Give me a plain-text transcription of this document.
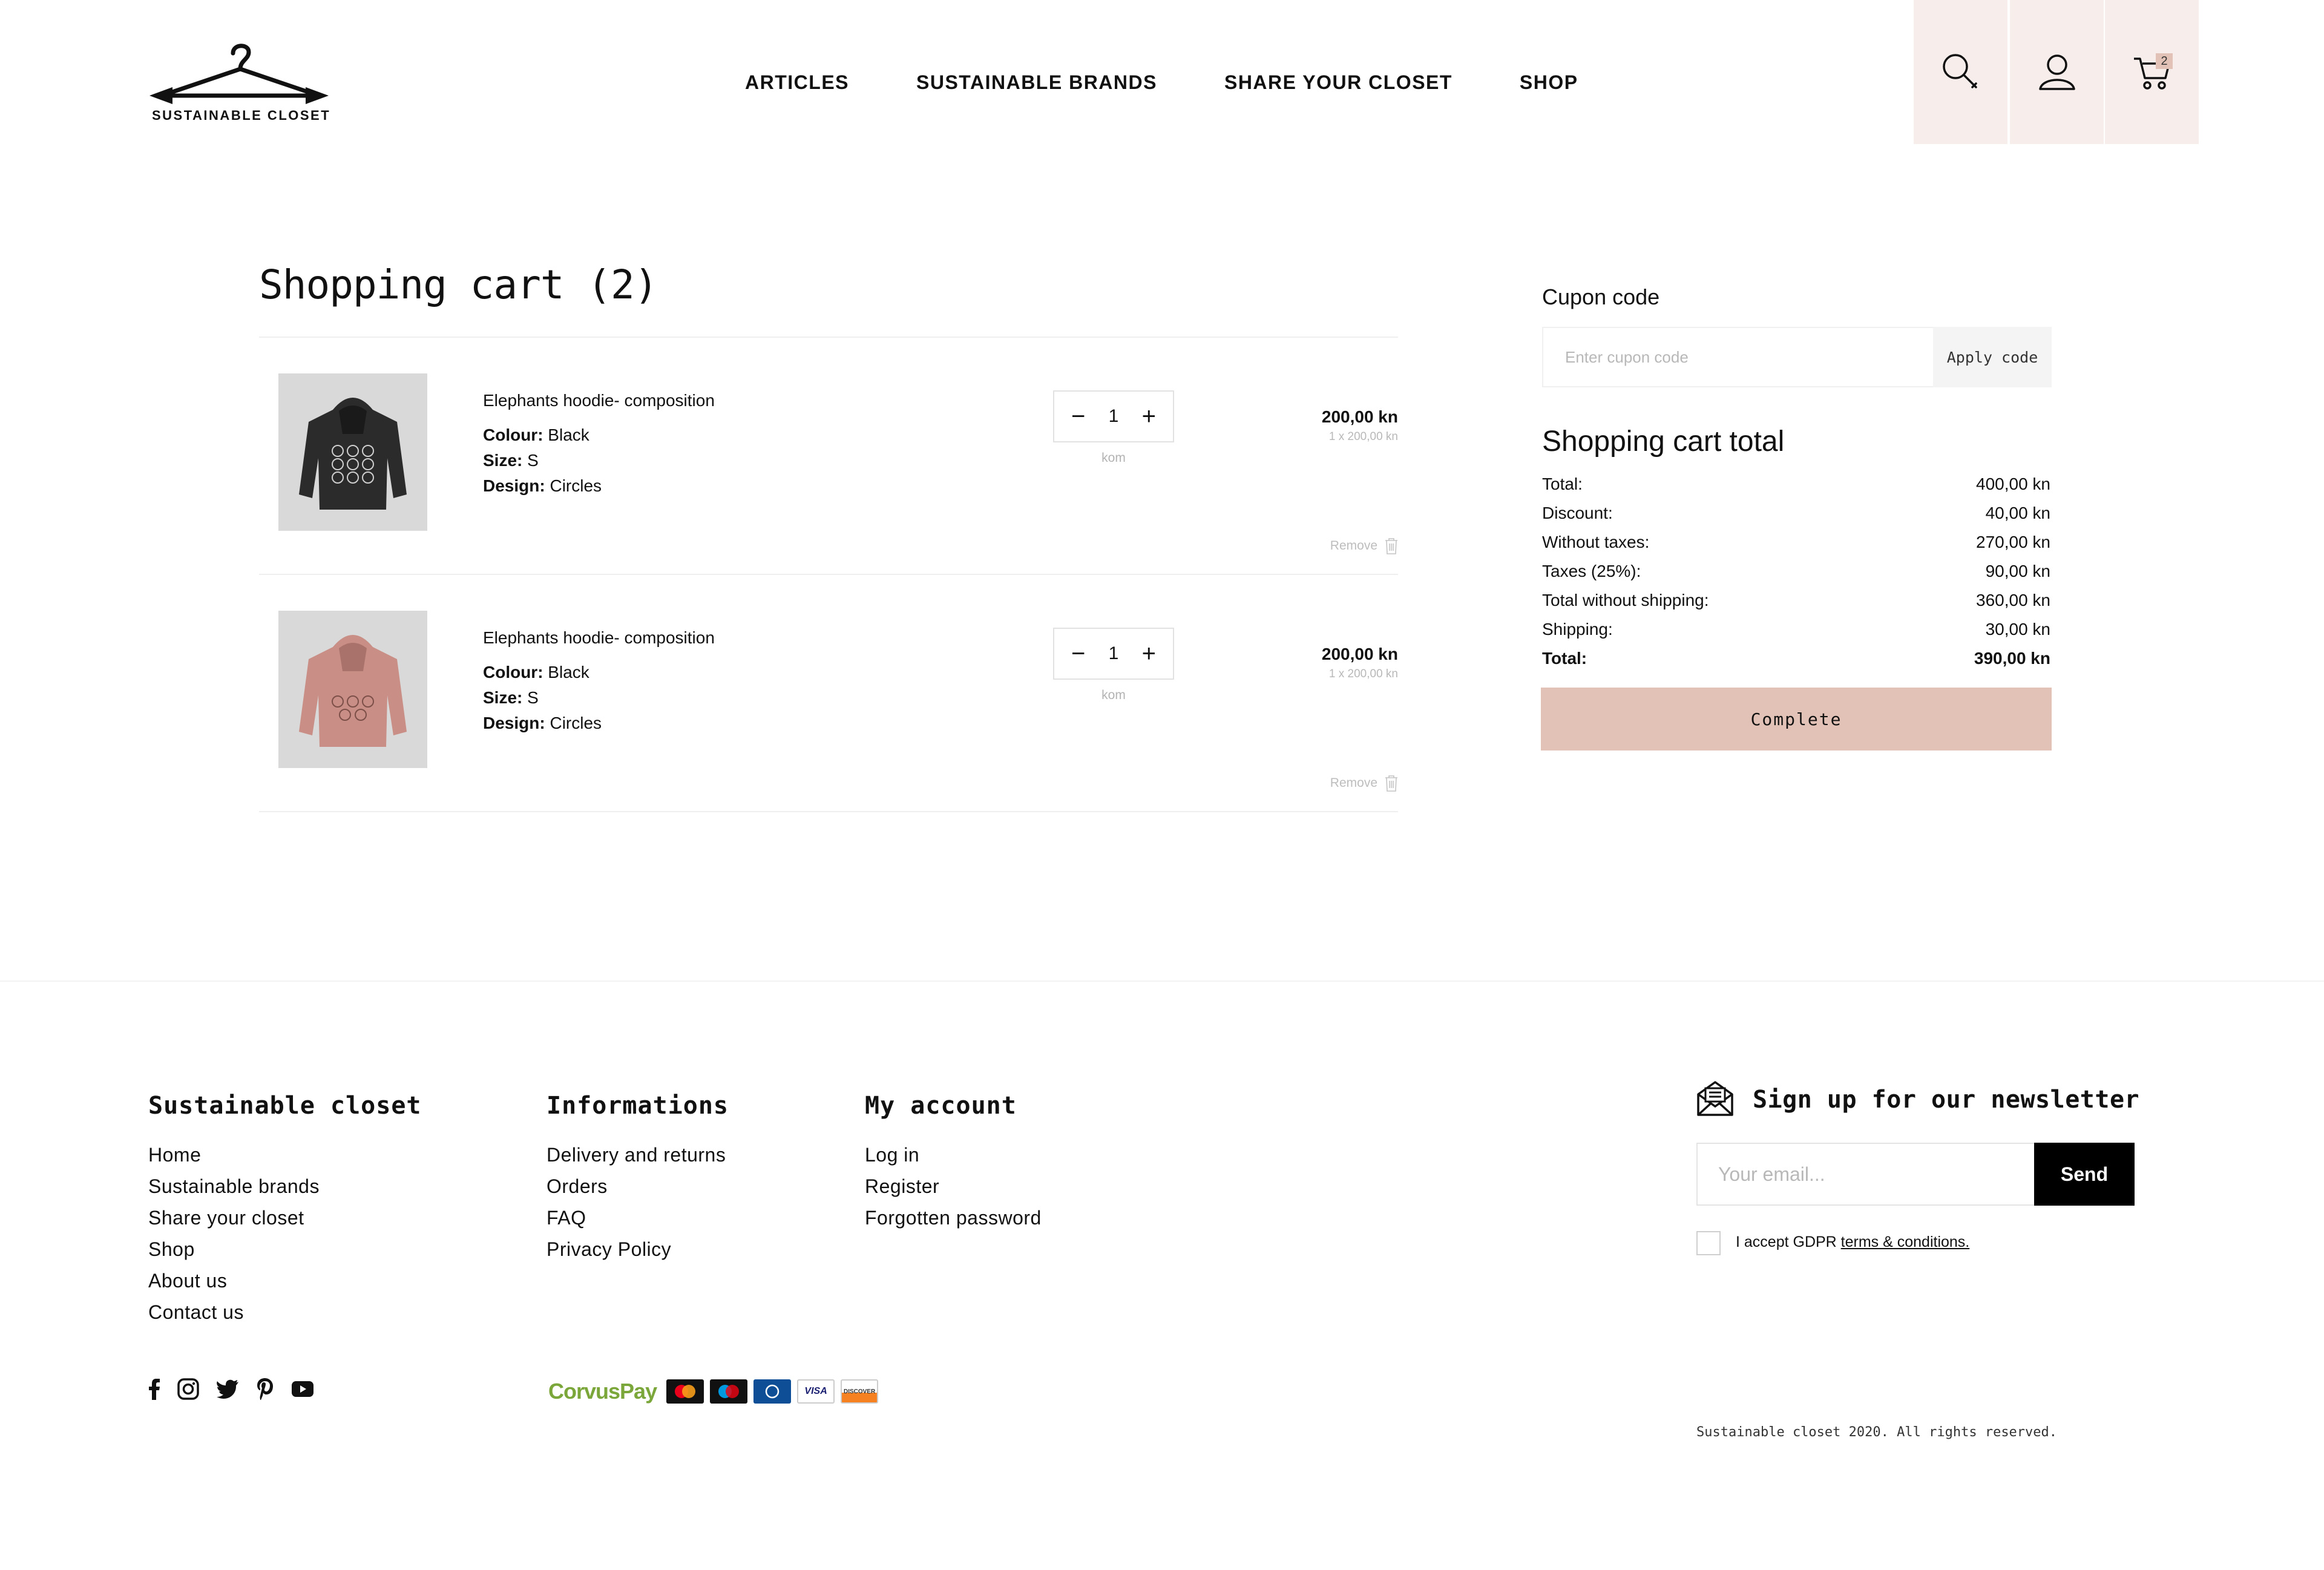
SUSTAINABLE CLOSET
ARTICLES	SUSTAINABLE BRANDS	SHARE YOUR CLOSET	SHOP
2
Shopping cart (2)
Elephants hoodie- composition
Colour: Black
Size: S
Design: Circles
− 1 +
kom
200,00 kn
1 x 200,00 kn
Remove
Elephants hoodie- composition
Colour: Black
Size: S
Design: Circles
− 1 +
kom
200,00 kn
1 x 200,00 kn
Remove
Cupon code
Enter cupon code
Apply code
Shopping cart total
Total:	400,00 kn
Discount:	40,00 kn
Without taxes:	270,00 kn
Taxes (25%):	90,00 kn
Total without shipping:	360,00 kn
Shipping:	30,00 kn
Total:	390,00 kn
Complete
Sustainable closet
Home
Sustainable brands
Share your closet
Shop
About us
Contact us
Informations
Delivery and returns
Orders
FAQ
Privacy Policy
My account
Log in
Register
Forgotten password
CorvusPay	VISA	DISCOVER
Sign up for our newsletter
Your email...
Send
I accept GDPR terms & conditions.
Sustainable closet 2020. All rights reserved.
